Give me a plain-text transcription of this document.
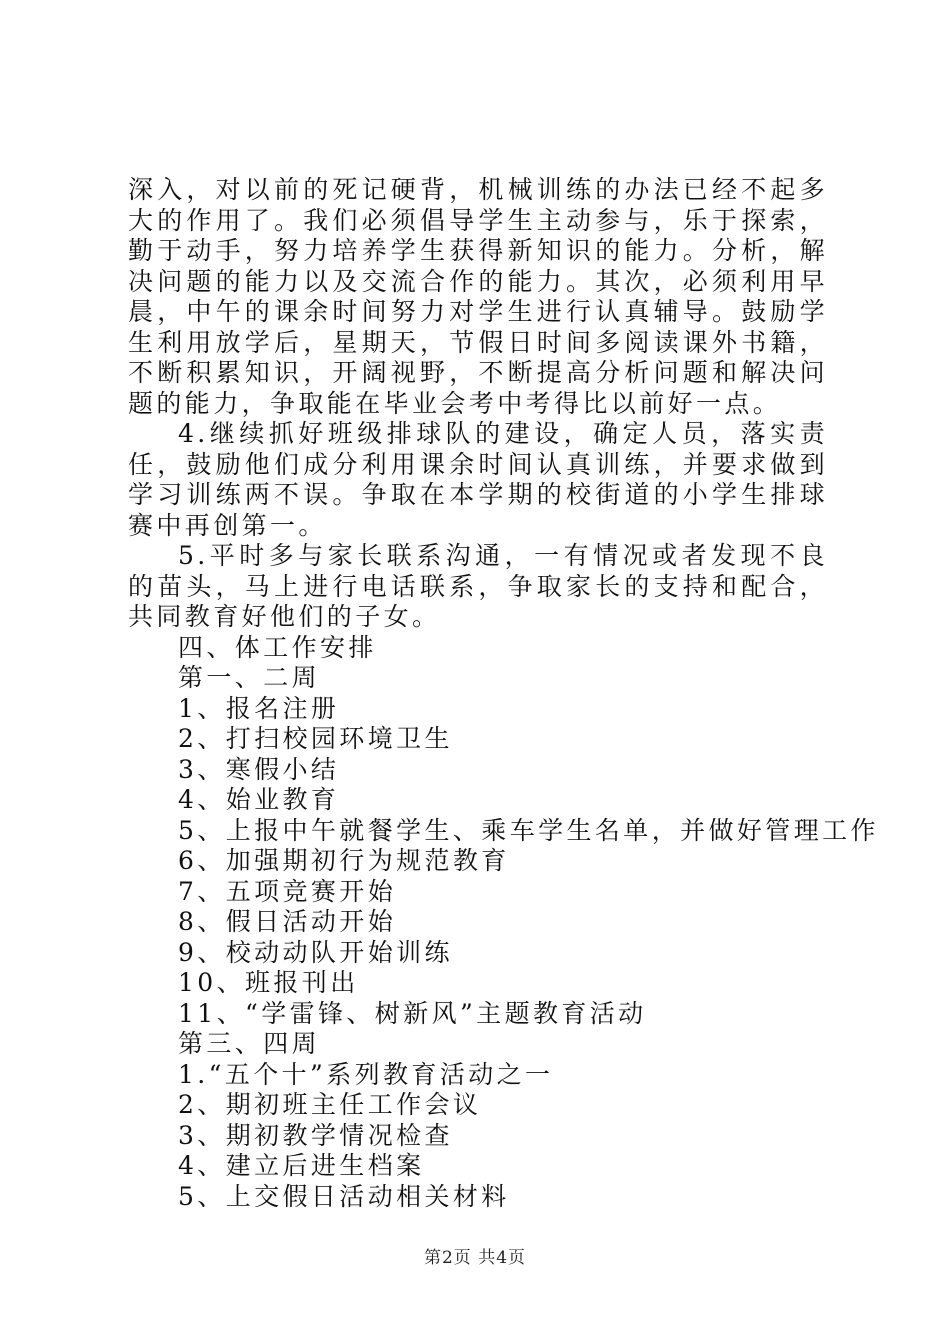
深入，对以前的死记硬背，机械训练的办法已经不起多大的作用了。我们必须倡导学生主动参与，乐于探索，勤于动手，努力培养学生获得新知识的能力。分析，解决问题的能力以及交流合作的能力。其次，必须利用早晨，中午的课余时间努力对学生进行认真辅导。鼓励学生利用放学后，星期天，节假日时间多阅读课外书籍，不断积累知识，开阔视野，不断提高分析问题和解决问题的能力，争取能在毕业会考中考得比以前好一点。

4.继续抓好班级排球队的建设，确定人员，落实责任，鼓励他们成分利用课余时间认真训练，并要求做到学习训练两不误。争取在本学期的校街道的小学生排球赛中再创第一。

5.平时多与家长联系沟通，一有情况或者发现不良的苗头，马上进行电话联系，争取家长的支持和配合，共同教育好他们的子女。

四、体工作安排

第一、二周

1、报名注册

2、打扫校园环境卫生

3、寒假小结

4、始业教育

5、上报中午就餐学生、乘车学生名单，并做好管理工作

6、加强期初行为规范教育

7、五项竞赛开始

8、假日活动开始

9、校动动队开始训练

10、班报刊出

11、“学雷锋、树新风”主题教育活动

第三、四周

1.“五个十”系列教育活动之一

2、期初班主任工作会议

3、期初教学情况检查

4、建立后进生档案

5、上交假日活动相关材料

第2页 共4页
